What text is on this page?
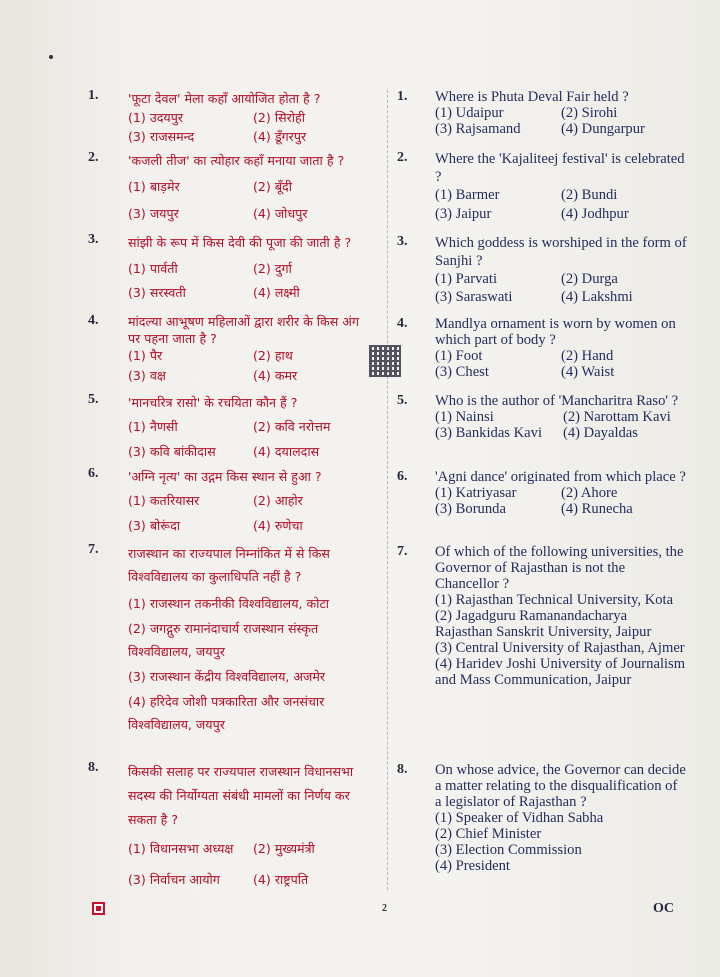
1. 'फूटा देवल' मेला कहाँ आयोजित होता है ?
(1) उदयपुर	(2) सिरोही
(3) राजसमन्द	(4) डूँगरपुर
2. 'कजली तीज' का त्योहार कहाँ मनाया जाता है ?
(1) बाड़मेर	(2) बूँदी
(3) जयपुर	(4) जोधपुर
3. सांझी के रूप में किस देवी की पूजा की जाती है ?
(1) पार्वती	(2) दुर्गा
(3) सरस्वती	(4) लक्ष्मी
4. मांदल्या आभूषण महिलाओं द्वारा शरीर के किस अंग पर पहना जाता है ?
(1) पैर	(2) हाथ
(3) वक्ष	(4) कमर
5. 'मानचरित्र रासो' के रचयिता कौन हैं ?
(1) नैणसी	(2) कवि नरोत्तम
(3) कवि बांकीदास	(4) दयालदास
6. 'अग्नि नृत्य' का उद्गम किस स्थान से हुआ ?
(1) कतरियासर	(2) आहोर
(3) बोरूंदा	(4) रुणेचा
7. राजस्थान का राज्यपाल निम्नांकित में से किस विश्वविद्यालय का कुलाधिपति नहीं है ?
(1) राजस्थान तकनीकी विश्वविद्यालय, कोटा
(2) जगद्गुरु रामानंदाचार्य राजस्थान संस्कृत विश्वविद्यालय, जयपुर
(3) राजस्थान केंद्रीय विश्वविद्यालय, अजमेर
(4) हरिदेव जोशी पत्रकारिता और जनसंचार विश्वविद्यालय, जयपुर
8. किसकी सलाह पर राज्यपाल राजस्थान विधानसभा सदस्य की निर्योग्यता संबंधी मामलों का निर्णय कर सकता है ?
(1) विधानसभा अध्यक्ष	(2) मुख्यमंत्री
(3) निर्वाचन आयोग	(4) राष्ट्रपति
1. Where is Phuta Deval Fair held ?
(1) Udaipur	(2) Sirohi
(3) Rajsamand	(4) Dungarpur
2. Where the 'Kajaliteej festival' is celebrated ?
(1) Barmer	(2) Bundi
(3) Jaipur	(4) Jodhpur
3. Which goddess is worshiped in the form of Sanjhi ?
(1) Parvati	(2) Durga
(3) Saraswati	(4) Lakshmi
4. Mandlya ornament is worn by women on which part of body ?
(1) Foot	(2) Hand
(3) Chest	(4) Waist
5. Who is the author of 'Mancharitra Raso' ?
(1) Nainsi	(2) Narottam Kavi
(3) Bankidas Kavi	(4) Dayaldas
6. 'Agni dance' originated from which place ?
(1) Katriyasar	(2) Ahore
(3) Borunda	(4) Runecha
7. Of which of the following universities, the Governor of Rajasthan is not the Chancellor ?
(1) Rajasthan Technical University, Kota
(2) Jagadguru Ramanandacharya Rajasthan Sanskrit University, Jaipur
(3) Central University of Rajasthan, Ajmer
(4) Haridev Joshi University of Journalism and Mass Communication, Jaipur
8. On whose advice, the Governor can decide a matter relating to the disqualification of a legislator of Rajasthan ?
(1) Speaker of Vidhan Sabha
(2) Chief Minister
(3) Election Commission
(4) President
2	OC
